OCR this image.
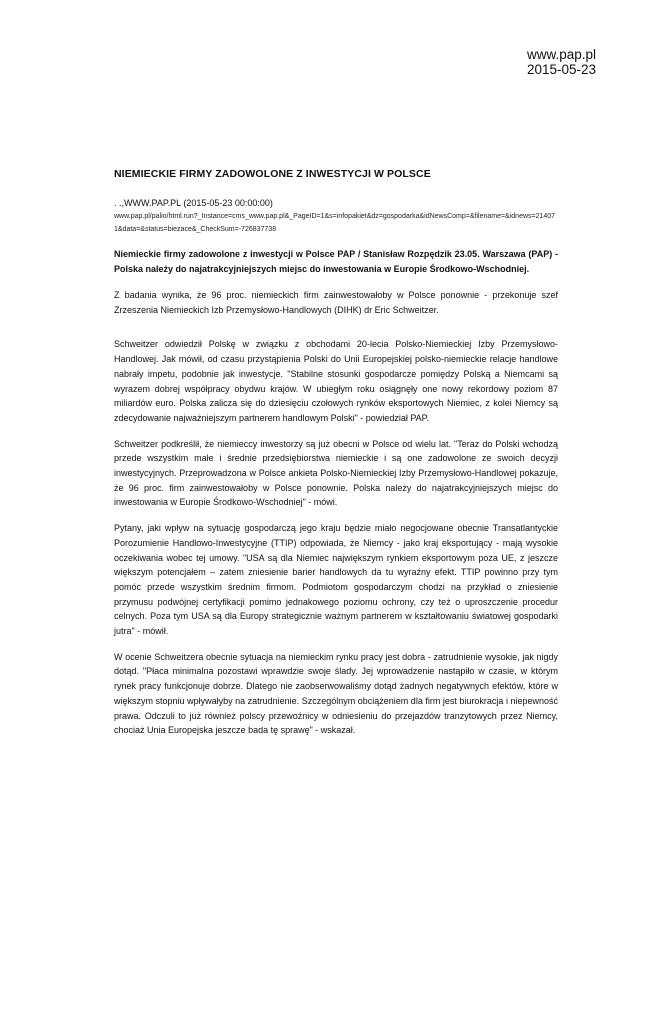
www.pap.pl
2015-05-23
NIEMIECKIE FIRMY ZADOWOLONE Z INWESTYCJI W POLSCE
. .,WWW.PAP.PL (2015-05-23 00:00:00)
www.pap.pl/palio/html.run?_Instance=cms_www.pap.pl&_PageID=1&s=infopakiet&dz=gospodarka&idNewsComp=&filename=&idnews=214071&data=&status=biezace&_CheckSum=-726837738
Niemieckie firmy zadowolone z inwestycji w Polsce PAP / Stanisław Rozpędzik 23.05. Warszawa (PAP) - Polska należy do najatrakcyjniejszych miejsc do inwestowania w Europie Środkowo-Wschodniej.
Z badania wynika, że 96 proc. niemieckich firm zainwestowałoby w Polsce ponownie - przekonuje szef Zrzeszenia Niemieckich Izb Przemysłowo-Handlowych (DIHK) dr Eric Schweitzer.
Schweitzer odwiedził Polskę w związku z obchodami 20-lecia Polsko-Niemieckiej Izby Przemysłowo-Handlowej. Jak mówił, od czasu przystąpienia Polski do Unii Europejskiej polsko-niemieckie relacje handlowe nabrały impetu, podobnie jak inwestycje. "Stabilne stosunki gospodarcze pomiędzy Polską a Niemcami są wyrazem dobrej współpracy obydwu krajów. W ubiegłym roku osiągnęły one nowy rekordowy poziom 87 miliardów euro. Polska zalicza się do dziesięciu czołowych rynków eksportowych Niemiec, z kolei Niemcy są zdecydowanie najważniejszym partnerem handlowym Polski" - powiedział PAP.
Schweitzer podkreślił, że niemieccy inwestorzy są już obecni w Polsce od wielu lat. "Teraz do Polski wchodzą przede wszystkim małe i średnie przedsiębiorstwa niemieckie i są one zadowolone ze swoich decyzji inwestycyjnych. Przeprowadzona w Polsce ankieta Polsko-Niemieckiej Izby Przemysłowo-Handlowej pokazuje, że 96 proc. firm zainwestowałoby w Polsce ponownie. Polska należy do najatrakcyjniejszych miejsc do inwestowania w Europie Środkowo-Wschodniej" - mówi.
Pytany, jaki wpływ na sytuację gospodarczą jego kraju będzie miało negocjowane obecnie Transatlantyckie Porozumienie Handlowo-Inwestycyjne (TTIP) odpowiada, że Niemcy - jako kraj eksportujący - mają wysokie oczekiwania wobec tej umowy. "USA są dla Niemiec największym rynkiem eksportowym poza UE, z jeszcze większym potencjałem – zatem zniesienie barier handlowych da tu wyraźny efekt. TTIP powinno przy tym pomóc przede wszystkim średnim firmom. Podmiotom gospodarczym chodzi na przykład o zniesienie przymusu podwójnej certyfikacji pomimo jednakowego poziomu ochrony, czy też o uproszczenie procedur celnych. Poza tym USA są dla Europy strategicznie ważnym partnerem w kształtowaniu światowej gospodarki jutra" - mówił.
W ocenie Schweitzera obecnie sytuacja na niemieckim rynku pracy jest dobra - zatrudnienie wysokie, jak nigdy dotąd. "Płaca minimalna pozostawi wprawdzie swoje ślady. Jej wprowadzenie nastąpiło w czasie, w którym rynek pracy funkcjonuje dobrze. Dlatego nie zaobserwowaliśmy dotąd żadnych negatywnych efektów, które w większym stopniu wpływałyby na zatrudnienie. Szczególnym obciążeniem dla firm jest biurokracja i niepewność prawa. Odczuli to już również polscy przewoźnicy w odniesieniu do przejazdów tranzytowych przez Niemcy, chociaż Unia Europejska jeszcze bada tę sprawę" - wskazał.
